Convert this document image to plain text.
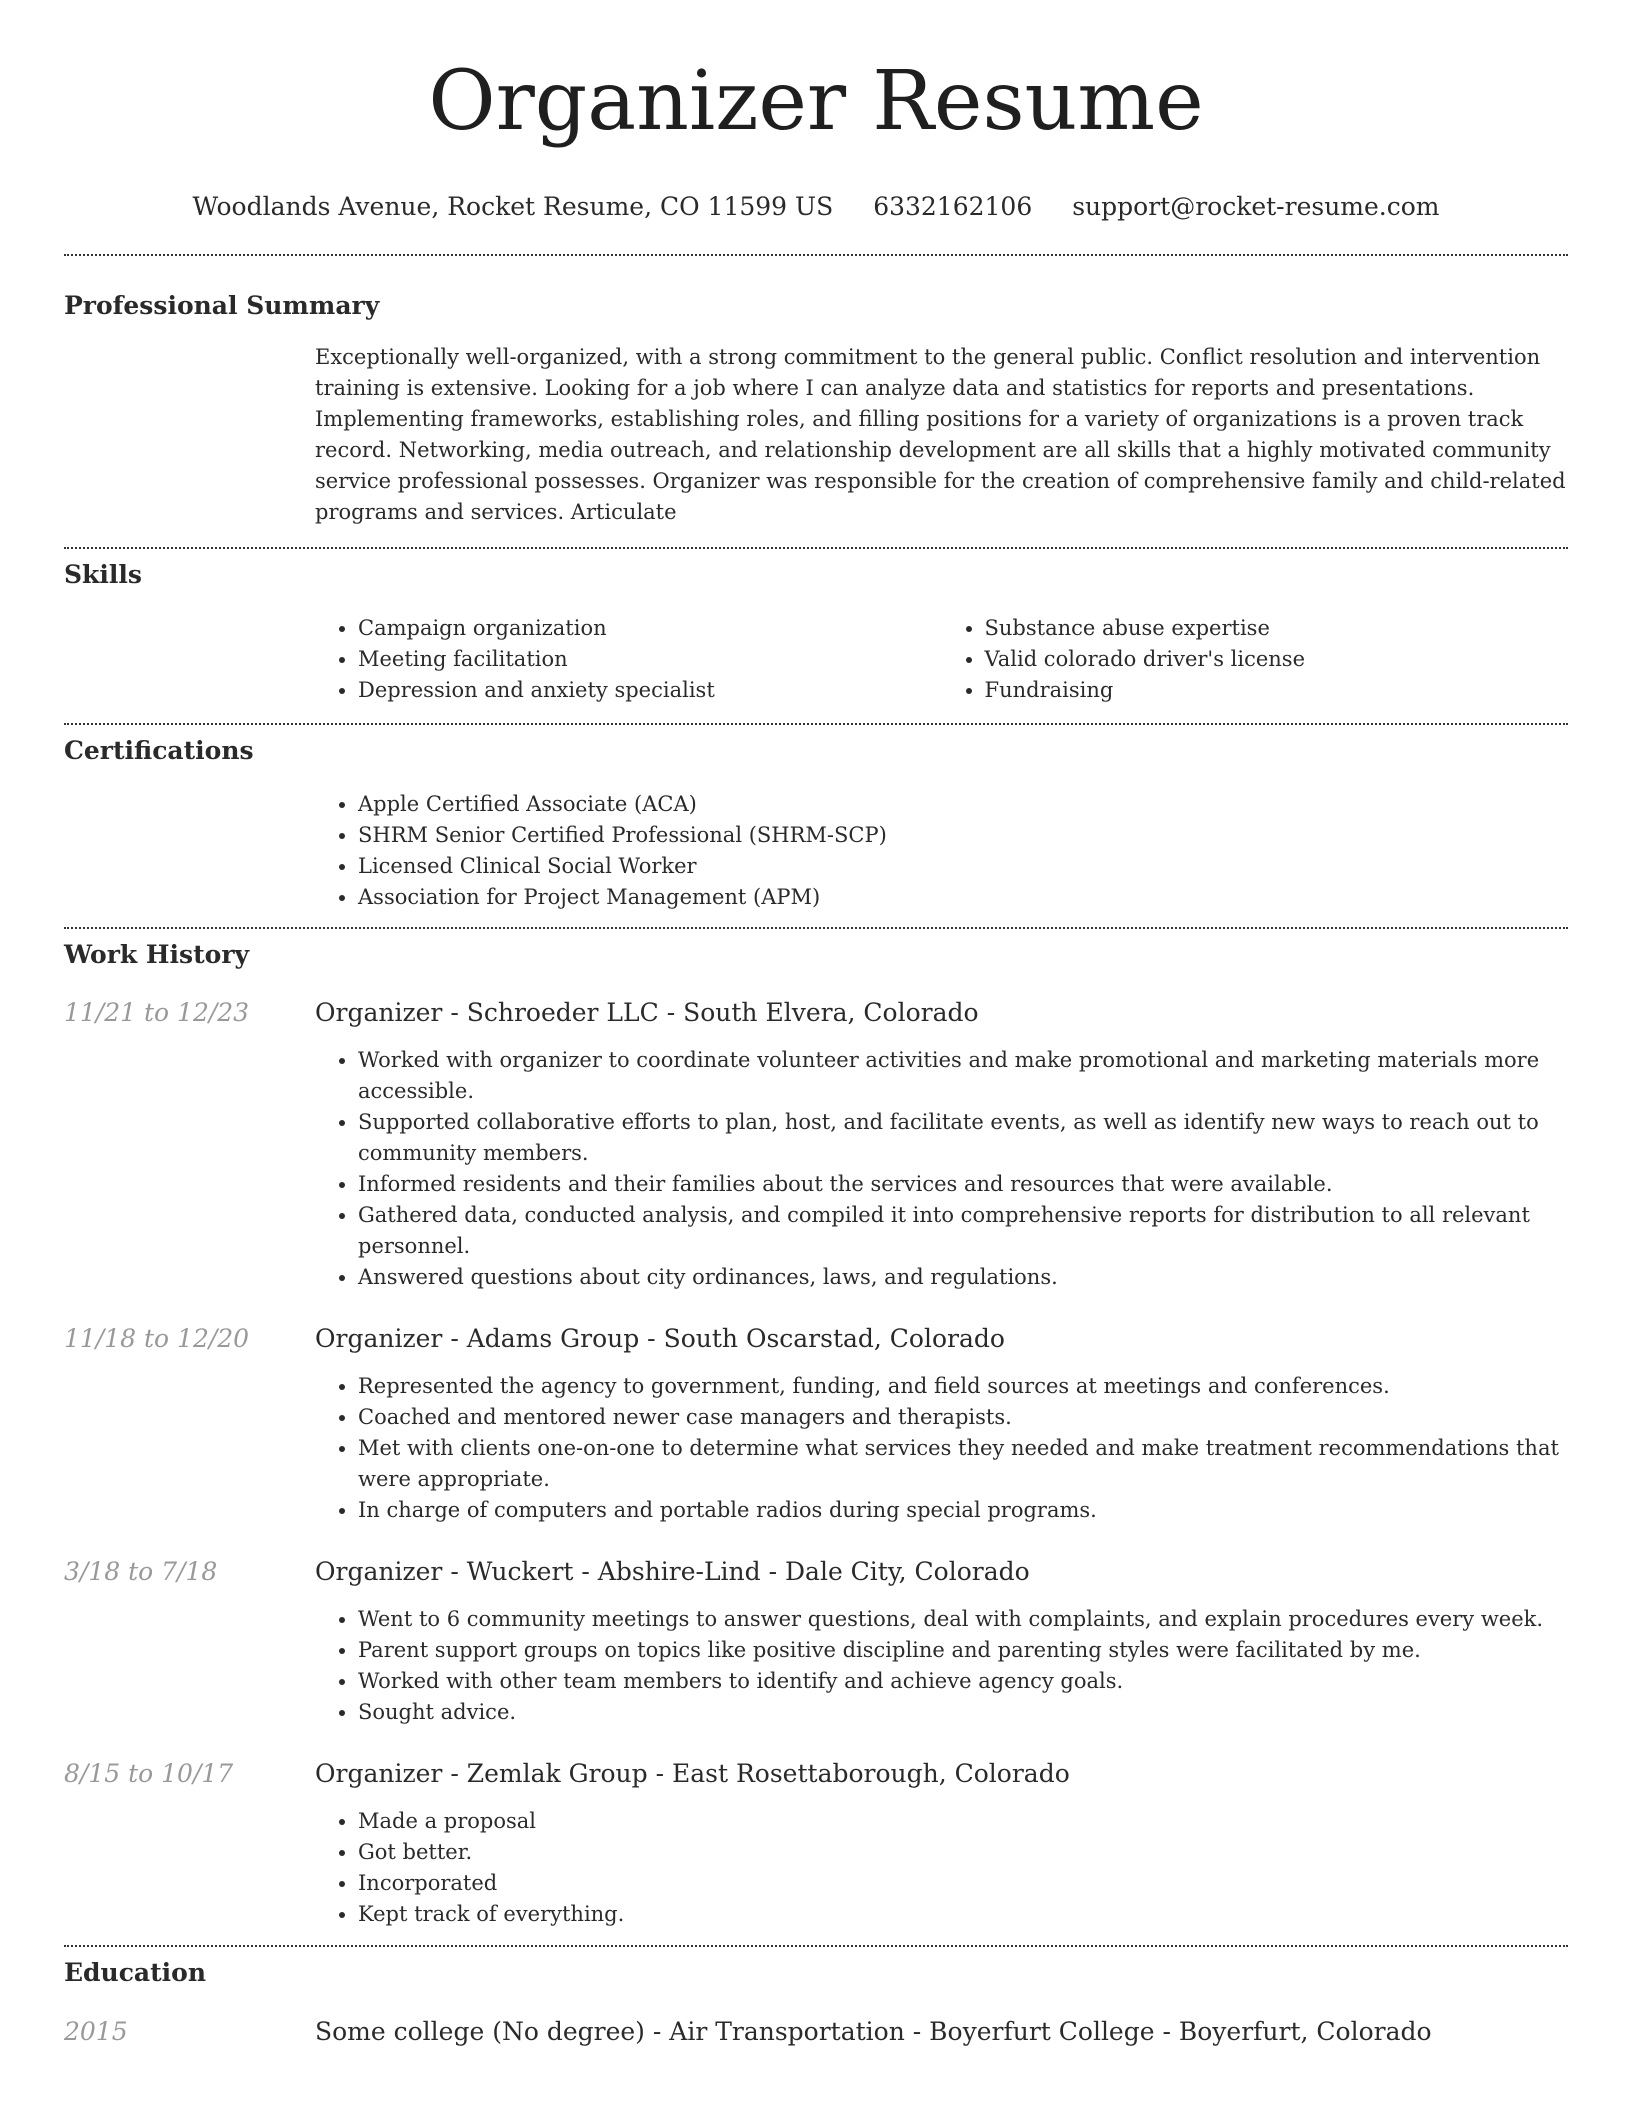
Organizer Resume
Woodlands Avenue, Rocket Resume, CO 11599 US 6332162106 support@rocket-resume.com
Professional Summary
Exceptionally well-organized, with a strong commitment to the general public. Conflict resolution and intervention training is extensive. Looking for a job where I can analyze data and statistics for reports and presentations. Implementing frameworks, establishing roles, and filling positions for a variety of organizations is a proven track record. Networking, media outreach, and relationship development are all skills that a highly motivated community service professional possesses. Organizer was responsible for the creation of comprehensive family and child-related programs and services. Articulate
Skills
• Campaign organization
• Meeting facilitation
• Depression and anxiety specialist
• Substance abuse expertise
• Valid colorado driver's license
• Fundraising
Certifications
• Apple Certified Associate (ACA)
• SHRM Senior Certified Professional (SHRM-SCP)
• Licensed Clinical Social Worker
• Association for Project Management (APM)
Work History
11/21 to 12/23	Organizer - Schroeder LLC - South Elvera, Colorado
• Worked with organizer to coordinate volunteer activities and make promotional and marketing materials more accessible.
• Supported collaborative efforts to plan, host, and facilitate events, as well as identify new ways to reach out to community members.
• Informed residents and their families about the services and resources that were available.
• Gathered data, conducted analysis, and compiled it into comprehensive reports for distribution to all relevant personnel.
• Answered questions about city ordinances, laws, and regulations.
11/18 to 12/20	Organizer - Adams Group - South Oscarstad, Colorado
• Represented the agency to government, funding, and field sources at meetings and conferences.
• Coached and mentored newer case managers and therapists.
• Met with clients one-on-one to determine what services they needed and make treatment recommendations that were appropriate.
• In charge of computers and portable radios during special programs.
3/18 to 7/18	Organizer - Wuckert - Abshire-Lind - Dale City, Colorado
• Went to 6 community meetings to answer questions, deal with complaints, and explain procedures every week.
• Parent support groups on topics like positive discipline and parenting styles were facilitated by me.
• Worked with other team members to identify and achieve agency goals.
• Sought advice.
8/15 to 10/17	Organizer - Zemlak Group - East Rosettaborough, Colorado
• Made a proposal
• Got better.
• Incorporated
• Kept track of everything.
Education
2015	Some college (No degree) - Air Transportation - Boyerfurt College - Boyerfurt, Colorado
